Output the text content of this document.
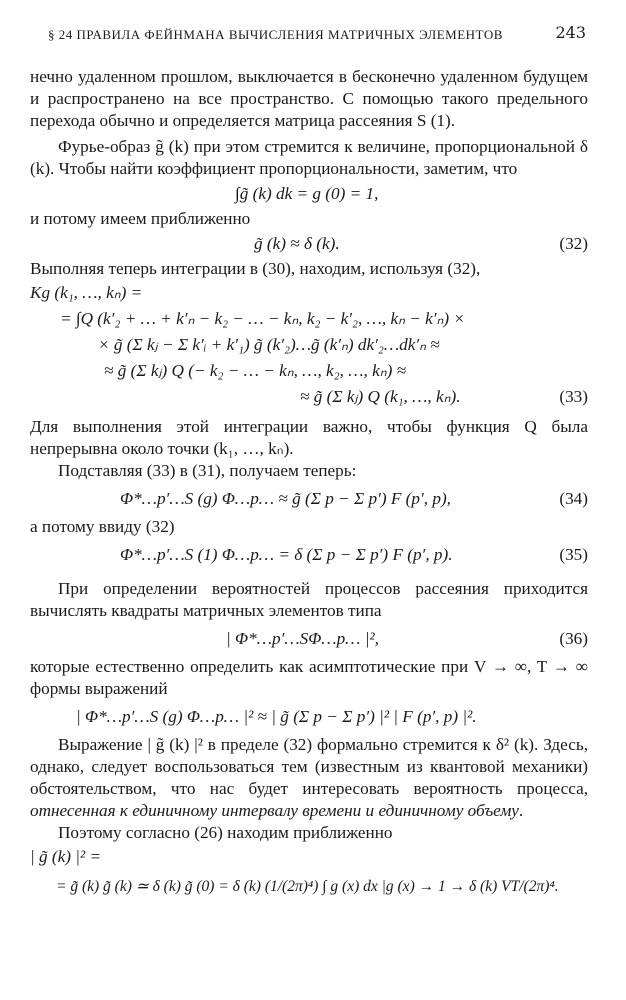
§ 24 ПРАВИЛА ФЕЙНМАНА ВЫЧИСЛЕНИЯ МАТРИЧНЫХ ЭЛЕМЕНТОВ	243

нечно удаленном прошлом, выключается в бесконечно удаленном будущем и распространено на все пространство. С помощью такого предельного перехода обычно и определяется матрица рассеяния S (1).

Фурье-образ g̃ (k) при этом стремится к величине, пропорциональной δ (k). Чтобы найти коэффициент пропорциональности, заметим, что

∫g̃ (k) dk = g (0) = 1,

и потому имеем приближенно

g̃ (k) ≈ δ (k).	(32)

Выполняя теперь интеграции в (30), находим, используя (32),

Kg (k₁, …, kₙ) =
= ∫Q (k′₂ + … + k′ₙ − k₂ − … − kₙ, k₂ − k′₂, …, kₙ − k′ₙ) ×
× g̃ (Σ kⱼ − Σ k′ᵢ + k′₁) g̃ (k′₂)…g̃ (k′ₙ) dk′₂…dk′ₙ ≈
≈ g̃ (Σ kⱼ) Q (− k₂ − … − kₙ, …, k₂, …, kₙ) ≈
≈ g̃ (Σ kⱼ) Q (k₁, …, kₙ).	(33)

Для выполнения этой интеграции важно, чтобы функция Q была непрерывна около точки (k₁, …, kₙ).

Подставляя (33) в (31), получаем теперь:

Φ*…p′…S (g) Φ…p… ≈ g̃ (Σ p − Σ p′) F (p′, p),	(34)

а потому ввиду (32)

Φ*…p′…S (1) Φ…p… = δ (Σ p − Σ p′) F (p′, p).	(35)

При определении вероятностей процессов рассеяния приходится вычислять квадраты матричных элементов типа

| Φ*…p′…SΦ…p… |²,	(36)

которые естественно определить как асимптотические при V → ∞, T → ∞ формы выражений

| Φ*…p′…S (g) Φ…p… |² ≈ | g̃ (Σ p − Σ p′) |² | F (p′, p) |².

Выражение | g̃ (k) |² в пределе (32) формально стремится к δ² (k). Здесь, однако, следует воспользоваться тем (известным из квантовой механики) обстоятельством, что нас будет интересовать вероятность процесса, отнесенная к единичному интервалу времени и единичному объему.

Поэтому согласно (26) находим приближенно

| g̃ (k) |² =
= g̃ (k) g̃ (k) ≃ δ (k) g̃ (0) = δ (k) (1/(2π)⁴) ∫ g (x) dx |g (x) → 1 → δ (k) VT/(2π)⁴.
